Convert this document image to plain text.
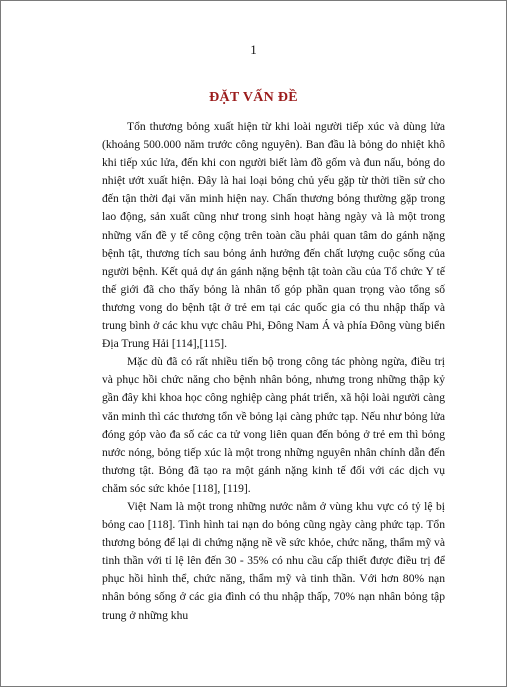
1
ĐẶT VẤN ĐỀ

Tổn thương bỏng xuất hiện từ khi loài người tiếp xúc và dùng lửa (khoảng 500.000 năm trước công nguyên). Ban đầu là bỏng do nhiệt khô khi tiếp xúc lửa, đến khi con người biết làm đồ gốm và đun nấu, bỏng do nhiệt ướt xuất hiện. Đây là hai loại bỏng chủ yếu gặp từ thời tiền sử cho đến tận thời đại văn minh hiện nay. Chấn thương bỏng thường gặp trong lao động, sản xuất cũng như trong sinh hoạt hàng ngày và là một trong những vấn đề y tế công cộng trên toàn cầu phải quan tâm do gánh nặng bệnh tật, thương tích sau bỏng ảnh hưởng đến chất lượng cuộc sống của người bệnh. Kết quả dự án gánh nặng bệnh tật toàn cầu của Tổ chức Y tế thế giới đã cho thấy bỏng là nhân tố góp phần quan trọng vào tổng số thương vong do bệnh tật ở trẻ em tại các quốc gia có thu nhập thấp và trung bình ở các khu vực châu Phi, Đông Nam Á và phía Đông vùng biển Địa Trung Hải [114],[115].

Mặc dù đã có rất nhiều tiến bộ trong công tác phòng ngừa, điều trị và phục hồi chức năng cho bệnh nhân bỏng, nhưng trong những thập kỷ gần đây khi khoa học công nghiệp càng phát triển, xã hội loài người càng văn minh thì các thương tổn về bỏng lại càng phức tạp. Nếu như bỏng lửa đóng góp vào đa số các ca tử vong liên quan đến bỏng ở trẻ em thì bỏng nước nóng, bỏng tiếp xúc là một trong những nguyên nhân chính dẫn đến thương tật. Bỏng đã tạo ra một gánh nặng kinh tế đối với các dịch vụ chăm sóc sức khỏe [118], [119].

Việt Nam là một trong những nước nằm ở vùng khu vực có tỷ lệ bị bỏng cao [118]. Tình hình tai nạn do bỏng cũng ngày càng phức tạp. Tổn thương bỏng để lại di chứng nặng nề về sức khỏe, chức năng, thẩm mỹ và tinh thần với tỉ lệ lên đến 30 - 35% có nhu cầu cấp thiết được điều trị để phục hồi hình thể, chức năng, thẩm mỹ và tinh thần. Với hơn 80% nạn nhân bỏng sống ở các gia đình có thu nhập thấp, 70% nạn nhân bỏng tập trung ở những khu
